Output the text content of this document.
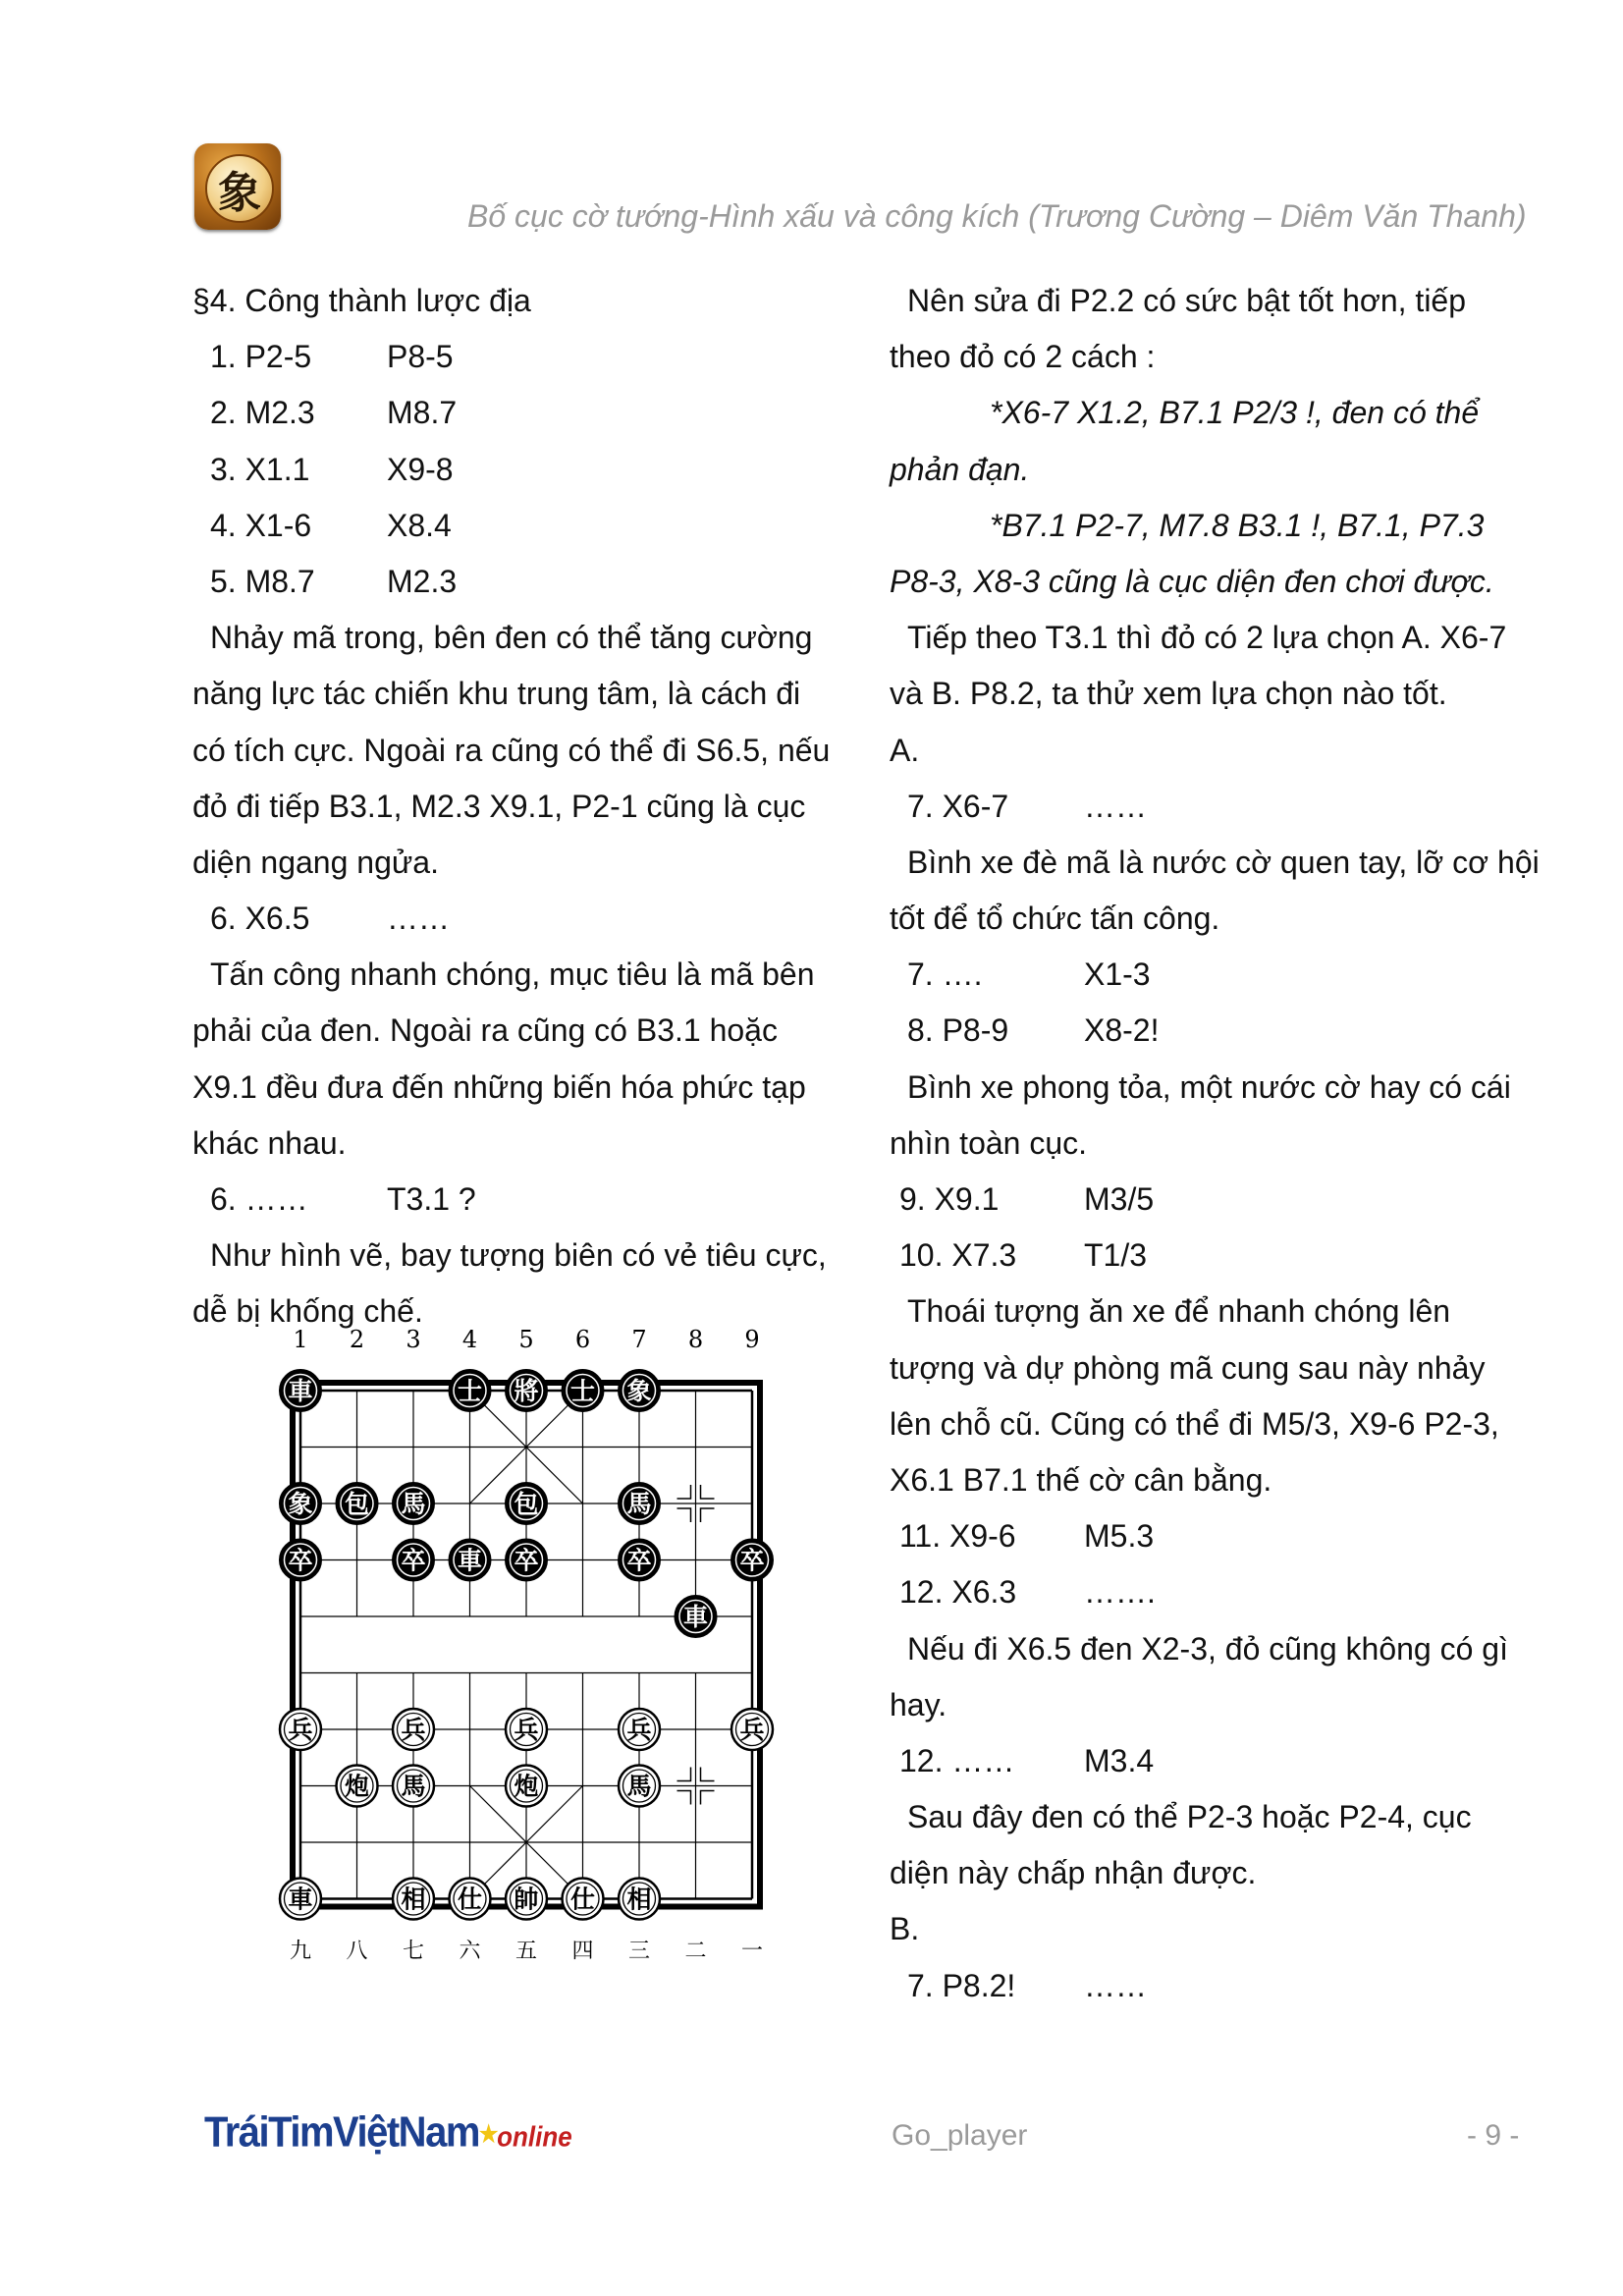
象	Bố cục cờ tướng-Hình xấu và công kích (Trương Cường – Diêm Văn Thanh)
§4. Công thành lược địa
1. P2-5 P8-5
2. M2.3 M8.7
3. X1.1 X9-8
4. X1-6 X8.4
5. M8.7 M2.3
Nhảy mã trong, bên đen có thể tăng cường
năng lực tác chiến khu trung tâm, là cách đi
có tích cực. Ngoài ra cũng có thể đi S6.5, nếu
đỏ đi tiếp B3.1, M2.3 X9.1, P2-1 cũng là cục
diện ngang ngửa.
6. X6.5 ……
Tấn công nhanh chóng, mục tiêu là mã bên
phải của đen. Ngoài ra cũng có B3.1 hoặc
X9.1 đều đưa đến những biến hóa phức tạp
khác nhau.
6. ……	T3.1 ?
Như hình vẽ, bay tượng biên có vẻ tiêu cực,
dễ bị khống chế.
1 2 3 4 5 6 7 8 9
車	士 將 士 象
象 包 馬	包	馬
卒	卒	卒	卒	卒
車
車
兵	兵	兵	兵	兵
炮 馬	炮	馬
車	相 仕 帥 仕 相
九 八 七 六 五 四 三 二 一
Nên sửa đi P2.2 có sức bật tốt hơn, tiếp
theo đỏ có 2 cách :
*X6-7 X1.2, B7.1 P2/3 !, đen có thể
phản đạn.
*B7.1 P2-7, M7.8 B3.1 !, B7.1, P7.3
P8-3, X8-3 cũng là cục diện đen chơi được.
Tiếp theo T3.1 thì đỏ có 2 lựa chọn A. X6-7
và B. P8.2, ta thử xem lựa chọn nào tốt.
A.
7. X6-7 ……
Bình xe đè mã là nước cờ quen tay, lỡ cơ hội
tốt để tổ chức tấn công.
7. ….	X1-3
8. P8-9 X8-2!
Bình xe phong tỏa, một nước cờ hay có cái
nhìn toàn cục.
9. X9.1	M3/5
10. X7.3 T1/3
Thoái tượng ăn xe để nhanh chóng lên
tượng và dự phòng mã cung sau này nhảy
lên chỗ cũ. Cũng có thể đi M5/3, X9-6 P2-3,
X6.1 B7.1 thế cờ cân bằng.
11. X9-6 M5.3
12. X6.3 …….
Nếu đi X6.5 đen X2-3, đỏ cũng không có gì
hay.
12. …… M3.4
Sau đây đen có thể P2-3 hoặc P2-4, cục
diện này chấp nhận được.
B.
7. P8.2! ……
TráiTimViệtNam★online	Go_player	- 9 -
